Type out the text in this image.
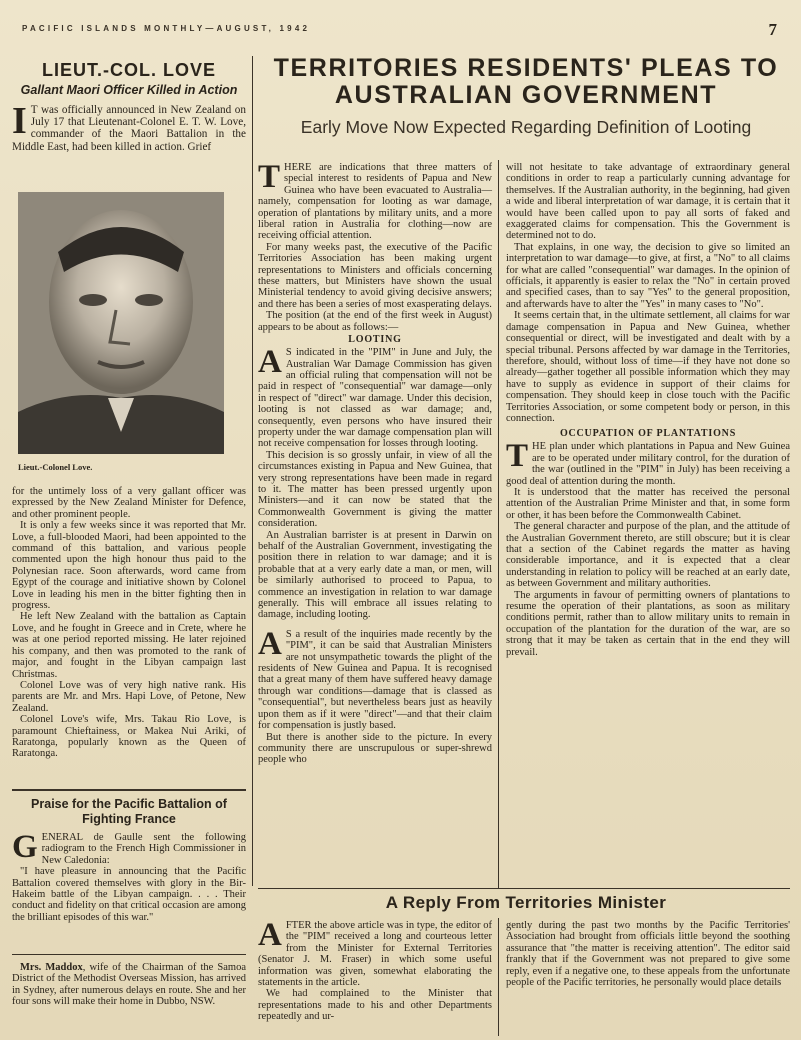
PACIFIC ISLANDS MONTHLY—AUGUST, 1942	7
LIEUT.-COL. LOVE
Gallant Maori Officer Killed in Action
I T was officially announced in New Zealand on July 17 that Lieutenant-Colonel E. T. W. Love, commander of the Maori Battalion in the Middle East, had been killed in action. Grief
Lieut.-Colonel Love.
for the untimely loss of a very gallant officer was expressed by the New Zealand Minister for Defence, and other prominent people.
It is only a few weeks since it was reported that Mr. Love, a full-blooded Maori, had been appointed to the command of this battalion, and various people commented upon the high honour thus paid to the Polynesian race. Soon afterwards, word came from Egypt of the courage and initiative shown by Colonel Love in leading his men in the bitter fighting then in progress.
He left New Zealand with the battalion as Captain Love, and he fought in Greece and in Crete, where he was at one period reported missing. He later rejoined his company, and then was promoted to the rank of major, and fought in the Libyan campaign last Christmas.
Colonel Love was of very high native rank. His parents are Mr. and Mrs. Hapi Love, of Petone, New Zealand.
Colonel Love's wife, Mrs. Takau Rio Love, is paramount Chieftainess, or Makea Nui Ariki, of Raratonga, popularly known as the Queen of Raratonga.
Praise for the Pacific Battalion of Fighting France
GENERAL de Gaulle sent the following radiogram to the French High Commissioner in New Caledonia:
"I have pleasure in announcing that the Pacific Battalion covered themselves with glory in the Bir-Hakeim battle of the Libyan campaign. . . . Their conduct and fidelity on that critical occasion are among the brilliant episodes of this war."
Mrs. Maddox, wife of the Chairman of the Samoa District of the Methodist Overseas Mission, has arrived in Sydney, after numerous delays en route. She and her four sons will make their home in Dubbo, NSW.
TERRITORIES RESIDENTS' PLEAS TO AUSTRALIAN GOVERNMENT
Early Move Now Expected Regarding Definition of Looting
THERE are indications that three matters of special interest to residents of Papua and New Guinea who have been evacuated to Australia—namely, compensation for looting as war damage, operation of plantations by military units, and a more liberal ration in Australia for clothing—now are receiving official attention.
For many weeks past, the executive of the Pacific Territories Association has been making urgent representations to Ministers and officials concerning these matters, but Ministers have shown the usual Ministerial tendency to avoid giving decisive answers; and there has been a series of most exasperating delays.
The position (at the end of the first week in August) appears to be about as follows:—
LOOTING
A S indicated in the "PIM" in June and July, the Australian War Damage Commission has given an official ruling that compensation will not be paid in respect of "consequential" war damage—only in respect of "direct" war damage. Under this decision, looting is not classed as war damage; and, consequently, even persons who have insured their property under the war damage compensation plan will not receive compensation for losses through looting.
This decision is so grossly unfair, in view of all the circumstances existing in Papua and New Guinea, that very strong representations have been made in regard to it. The matter has been pressed urgently upon Ministers—and it can now be stated that the Commonwealth Government is giving the matter consideration.
An Australian barrister is at present in Darwin on behalf of the Australian Government, investigating the position there in relation to war damage; and it is probable that at a very early date a man, or men, will be similarly authorised to proceed to Papua, to commence an investigation in relation to war damage generally. This will embrace all issues relating to damage, including looting.
A S a result of the inquiries made recently by the "PIM", it can be said that Australian Ministers are not unsympathetic towards the plight of the residents of New Guinea and Papua. It is recognised that a great many of them have suffered heavy damage through war conditions—damage that is classed as "consequential", but nevertheless bears just as heavily upon them as if it were "direct"—and that their claim for compensation is justly based.
But there is another side to the picture. In every community there are unscrupulous or super-shrewd people who
will not hesitate to take advantage of extraordinary general conditions in order to reap a particularly cunning advantage for themselves. If the Australian authority, in the beginning, had given a wide and liberal interpretation of war damage, it is certain that it would have been called upon to pay all sorts of faked and exaggerated claims for compensation. This the Government is determined not to do.
That explains, in one way, the decision to give so limited an interpretation to war damage—to give, at first, a "No" to all claims for what are called "consequential" war damages. In the opinion of officials, it apparently is easier to relax the "No" in certain proved and specified cases, than to say "Yes" to the general proposition, and afterwards have to alter the "Yes" in many cases to "No".
It seems certain that, in the ultimate settlement, all claims for war damage compensation in Papua and New Guinea, whether consequential or direct, will be investigated and dealt with by a special tribunal. Persons affected by war damage in the Territories, therefore, should, without loss of time—if they have not done so already—gather together all possible information which they may have to supply as evidence in support of their claims for compensation. They should keep in close touch with the Pacific Territories Association, or some competent body or person, in this connection.
OCCUPATION OF PLANTATIONS
THE plan under which plantations in Papua and New Guinea are to be operated under military control, for the duration of the war (outlined in the "PIM" in July) has been receiving a good deal of attention during the month.
It is understood that the matter has received the personal attention of the Australian Prime Minister and that, in some form or other, it has been before the Commonwealth Cabinet.
The general character and purpose of the plan, and the attitude of the Australian Government thereto, are still obscure; but it is clear that a section of the Cabinet regards the matter as having considerable importance, and it is expected that a clear understanding in relation to policy will be reached at an early date, as between Government and military authorities.
The arguments in favour of permitting owners of plantations to resume the operation of their plantations, as soon as military conditions permit, rather than to allow military units to remain in occupation of the plantation for the duration of the war, are so strong that it may be taken as certain that in the end they will prevail.
A Reply From Territories Minister
AFTER the above article was in type, the editor of the "PIM" received a long and courteous letter from the Minister for External Territories (Senator J. M. Fraser) in which some useful information was given, somewhat elaborating the statements in the article.
We had complained to the Minister that representations made to his and other Departments repeatedly and ur-
gently during the past two months by the Pacific Territories' Association had brought from officials little beyond the soothing assurance that "the matter is receiving attention". The editor said frankly that if the Government was not prepared to give some reply, even if a negative one, to these appeals from the unfortunate people of the Pacific territories, he personally would place details
